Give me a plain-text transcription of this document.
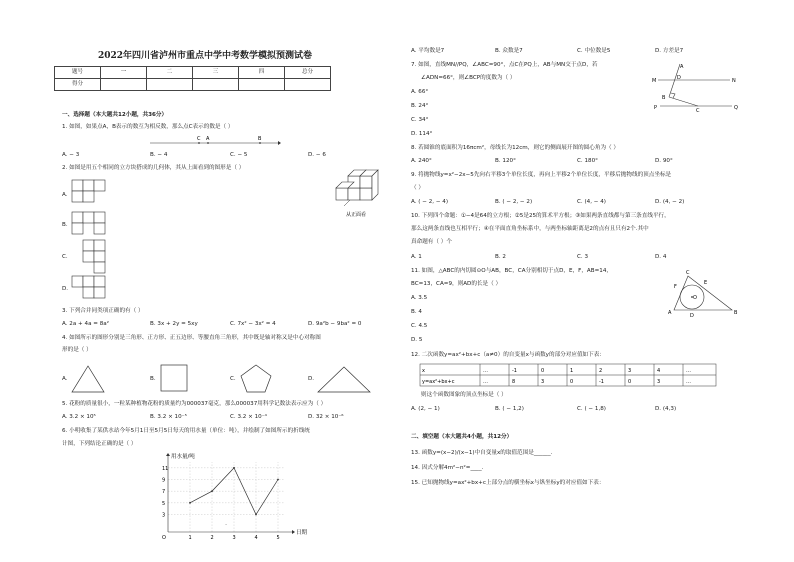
2022年四川省泸州市重点中学中考数学模拟预测试卷
题号	一	二	三	四	总分
得分					
一、选择题（本大题共12小题，共36分）
1. 如图，如果点A，B表示的数互为相反数，那么点C表示的数是（ ）
C A	B
A. − 3	B. − 4	C. − 5	D. − 6
2. 如图是用五个相同的立方块搭成的几何体，其从上面看到的图形是（ ）
从正面看
A.
B.
C.
D.
3. 下列合并同类项正确的有（ ）
A. 2a + 4a = 8a²	B. 3x + 2y = 5xy	C. 7x² − 3x² = 4	D. 9a²b − 9ba² = 0
4. 如图所示的图形分别是三角形、正方形、正五边形、等腰直角三角形，其中既是轴对称又是中心对称图
形的是（ ）
A.	B.	C.	D.
5. 花粉的质量很小，一粒某种植物花粉的质量约为000037毫克，那么000037用科学记数法表示应为（ ）
A. 3.2 × 10⁵	B. 3.2 × 10⁻⁵	C. 3.2 × 10⁻⁴	D. 32 × 10⁻⁶
6. 小明收集了某供水站今年5月1日至5月5日每天的用水量（单位：吨），并绘制了如图所示的折线统
计图，下列结论正确的是（ ）
用水量/吨
日期
O
3
5
7
9
11
1	2	3	4	5
·
A. 平均数是7	B. 众数是7	C. 中位数是5	D. 方差是7
7. 如图，直线MN//PQ，∠ABC=90°，点C在PQ上，AB与MN交于点D，若
∠ADN=66°，则∠BCP的度数为（ ）
A. 66°
B. 24°
C. 34°
D. 114°
A
D
M	N
B
P	C	Q
8. 若圆锥的底面积为16πcm²，母线长为12cm，则它的侧面展开图的圆心角为（ ）
A. 240°	B. 120°	C. 180°	D. 90°
9. 将抛物线y=x²−2x−5先向右平移3个单位长度，再向上平移2个单位长度，平移后抛物线的顶点坐标是
（ ）
A. ( − 2, − 4)	B. ( − 2, − 2)	C. (4, − 4)	D. (4, − 2)
10. 下列四个命题：①−4是64的立方根；②5是25的算术平方根；③如果两条直线都与第三条直线平行，
那么这两条直线也互相平行；④在平面直角坐标系中，与两坐标轴距离是2的点有且只有2个.其中
真命题有（ ）个
A. 1	B. 2	C. 3	D. 4
11. 如图，△ABC的内切圆⊙O与AB，BC，CA分别相切于点D，E，F，AB=14，
BC=13，CA=9，则AD的长是（ ）
A. 3.5
B. 4
C. 4.5
D. 5
C
F
E
O
A	D	B
12. 二次函数y=ax²+bx+c（a≠0）的自变量x与函数y的部分对应值如下表：
x	…	-1	0	1	2	3	4	…
y=ax²+bx+c	…	8	3	0	-1	0	3	…
则这个函数图象的顶点坐标是（ ）
A. (2, − 1)	B. ( − 1,2)	C. ( − 1,8)	D. (4,3)
二、填空题（本大题共4小题，共12分）
13. 函数y=(x−2)/(x−1)中自变量x的取值范围是______.
14. 因式分解4m²−n²=____.
15. 已知抛物线y=ax²+bx+c上部分点的横坐标x与纵坐标y的对应值如下表：
